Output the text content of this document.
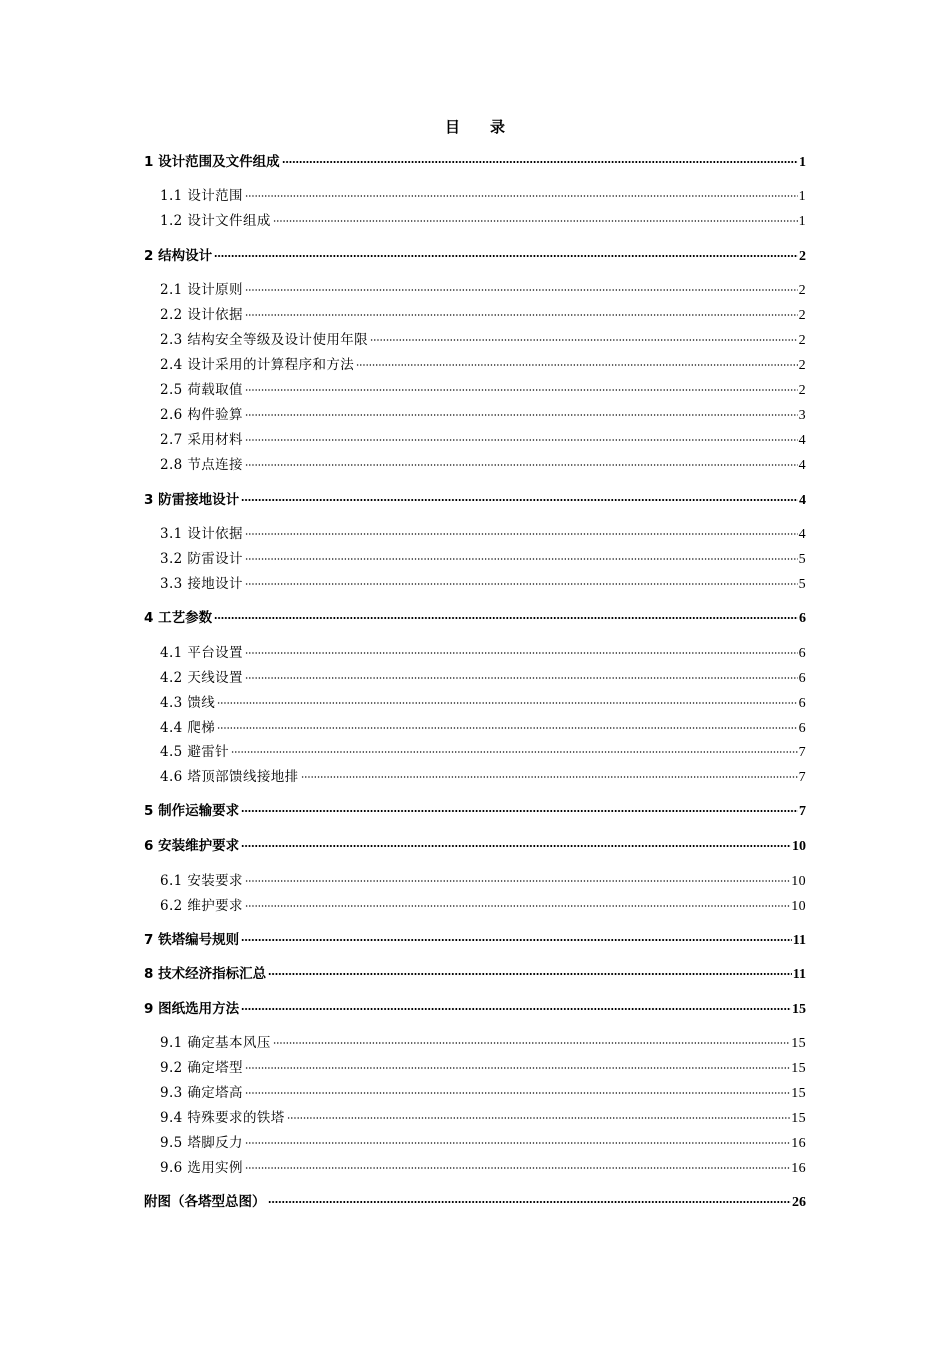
目 录
1 设计范围及文件组成	1
1.1 设计范围	1
1.2 设计文件组成	1
2 结构设计	2
2.1 设计原则	2
2.2 设计依据	2
2.3 结构安全等级及设计使用年限	2
2.4 设计采用的计算程序和方法	2
2.5 荷载取值	2
2.6 构件验算	3
2.7 采用材料	4
2.8 节点连接	4
3 防雷接地设计	4
3.1 设计依据	4
3.2 防雷设计	5
3.3 接地设计	5
4 工艺参数	6
4.1 平台设置	6
4.2 天线设置	6
4.3 馈线	6
4.4 爬梯	6
4.5 避雷针	7
4.6 塔顶部馈线接地排	7
5 制作运输要求	7
6 安装维护要求	10
6.1 安装要求	10
6.2 维护要求	10
7 铁塔编号规则	11
8 技术经济指标汇总	11
9 图纸选用方法	15
9.1 确定基本风压	15
9.2 确定塔型	15
9.3 确定塔高	15
9.4 特殊要求的铁塔	15
9.5 塔脚反力	16
9.6 选用实例	16
附图（各塔型总图）	26
